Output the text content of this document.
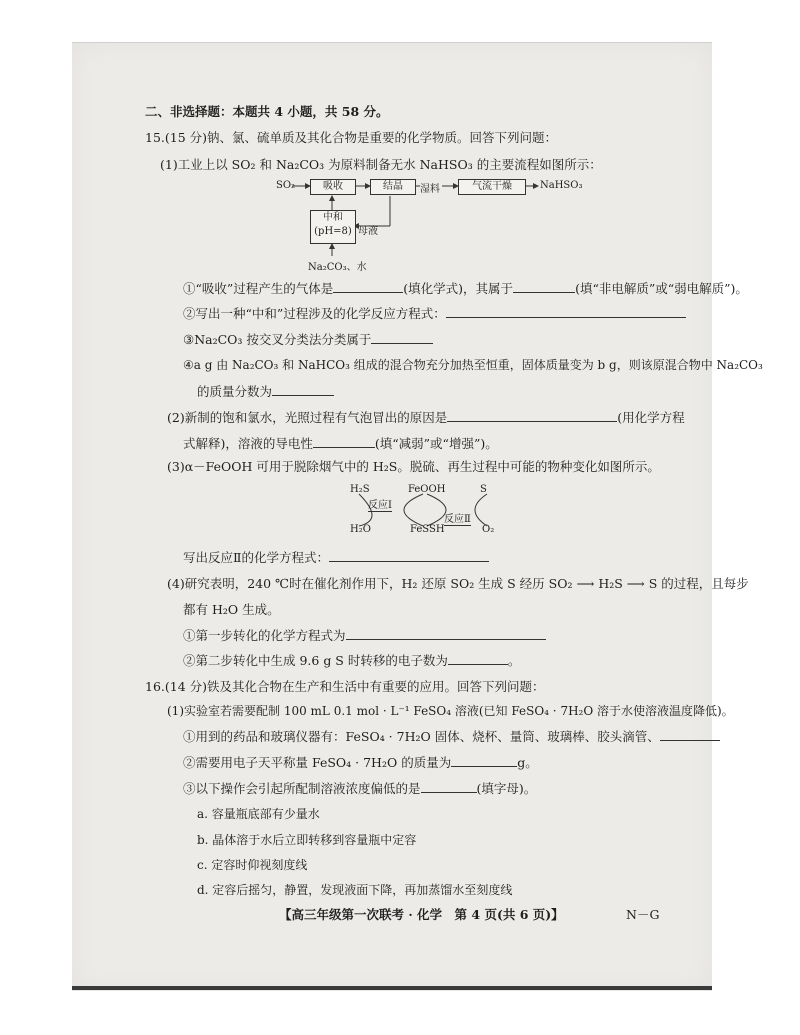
二、非选择题：本题共 4 小题，共 58 分。
15.(15 分)钠、氯、硫单质及其化合物是重要的化学物质。回答下列问题：
(1)工业上以 SO₂ 和 Na₂CO₃ 为原料制备无水 NaHSO₃ 的主要流程如图所示：
SO₂	吸收	结晶	湿料	气流干燥	NaHSO₃
中和
(pH=8) 母液
Na₂CO₃、水
①“吸收”过程产生的气体是	(填化学式)，其属于	(填“非电解质”或“弱电解质”)。
②写出一种“中和”过程涉及的化学反应方程式：
③Na₂CO₃ 按交叉分类法分类属于
④a g 由 Na₂CO₃ 和 NaHCO₃ 组成的混合物充分加热至恒重，固体质量变为 b g，则该原混合物中 Na₂CO₃
的质量分数为
(2)新制的饱和氯水，光照过程有气泡冒出的原因是	(用化学方程
式解释)，溶液的导电性	(填“减弱”或“增强”)。
(3)α－FeOOH 可用于脱除烟气中的 H₂S。脱硫、再生过程中可能的物种变化如图所示。
H₂S	FeOOH	S
反应Ⅰ
反应Ⅱ
H₂O	FeSSH	O₂
写出反应Ⅱ的化学方程式：
(4)研究表明，240 ℃时在催化剂作用下，H₂ 还原 SO₂ 生成 S 经历 SO₂ ⟶ H₂S ⟶ S 的过程，且每步
都有 H₂O 生成。
①第一步转化的化学方程式为
②第二步转化中生成 9.6 g S 时转移的电子数为	。
16.(14 分)铁及其化合物在生产和生活中有重要的应用。回答下列问题：
(1)实验室若需要配制 100 mL 0.1 mol · L⁻¹ FeSO₄ 溶液(已知 FeSO₄ · 7H₂O 溶于水使溶液温度降低)。
①用到的药品和玻璃仪器有：FeSO₄ · 7H₂O 固体、烧杯、量筒、玻璃棒、胶头滴管、
②需要用电子天平称量 FeSO₄ · 7H₂O 的质量为	g。
③以下操作会引起所配制溶液浓度偏低的是	(填字母)。
a. 容量瓶底部有少量水
b. 晶体溶于水后立即转移到容量瓶中定容
c. 定容时仰视刻度线
d. 定容后摇匀，静置，发现液面下降，再加蒸馏水至刻度线
【高三年级第一次联考 · 化学　第 4 页(共 6 页)】	N－G
